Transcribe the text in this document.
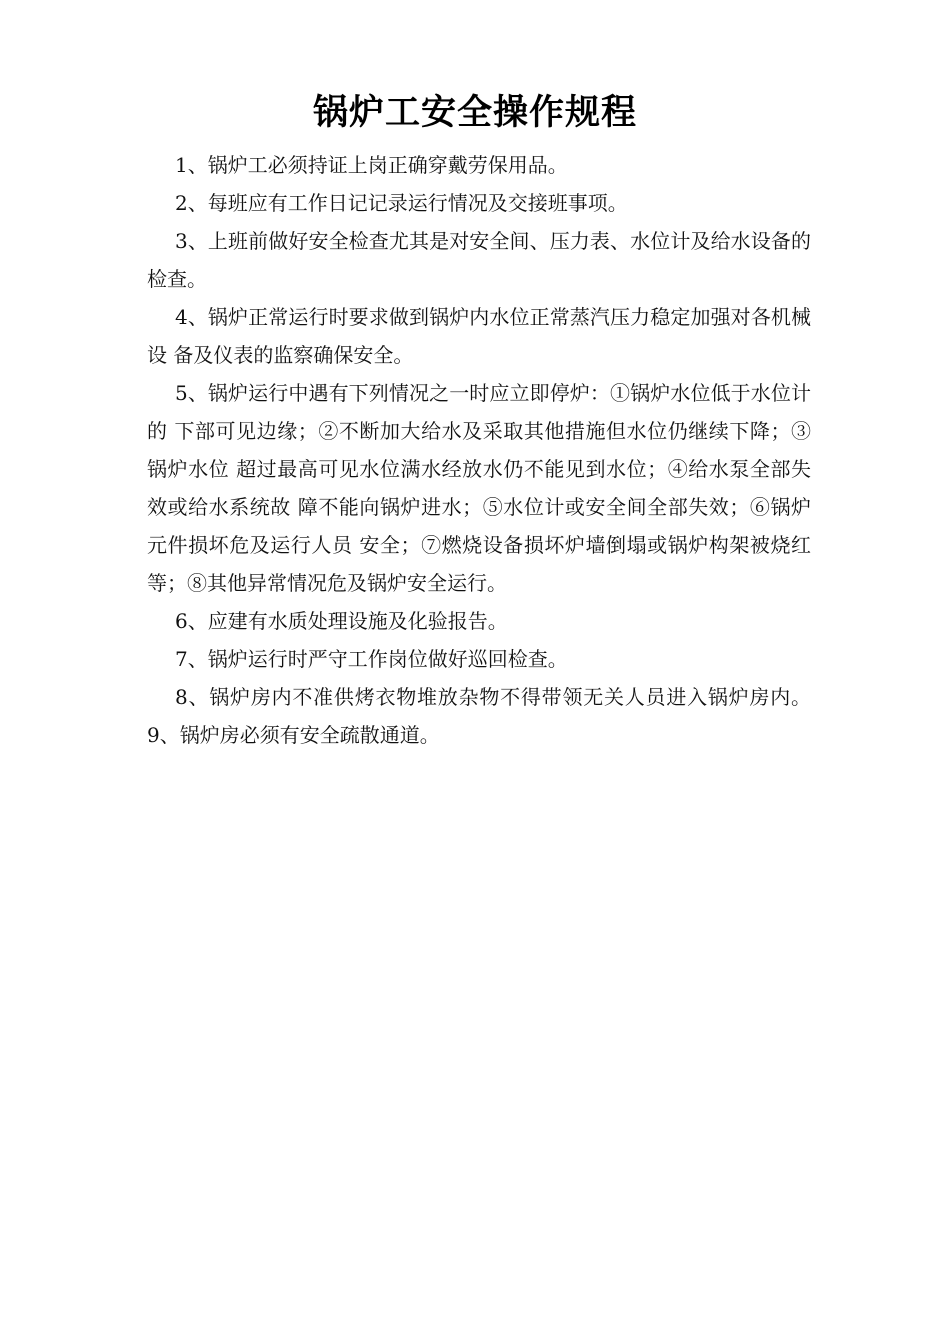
锅炉工安全操作规程

1、锅炉工必须持证上岗正确穿戴劳保用品。

2、每班应有工作日记记录运行情况及交接班事项。

3、上班前做好安全检查尤其是对安全间、压力表、水位计及给水设备的检查。

4、锅炉正常运行时要求做到锅炉内水位正常蒸汽压力稳定加强对各机械设 备及仪表的监察确保安全。

5、锅炉运行中遇有下列情况之一时应立即停炉：①锅炉水位低于水位计的 下部可见边缘；②不断加大给水及采取其他措施但水位仍继续下降；③锅炉水位 超过最高可见水位满水经放水仍不能见到水位；④给水泵全部失效或给水系统故 障不能向锅炉进水；⑤水位计或安全间全部失效；⑥锅炉元件损坏危及运行人员 安全；⑦燃烧设备损坏炉墙倒塌或锅炉构架被烧红等；⑧其他异常情况危及锅炉安全运行。

6、应建有水质处理设施及化验报告。

7、锅炉运行时严守工作岗位做好巡回检查。

8、锅炉房内不准供烤衣物堆放杂物不得带领无关人员进入锅炉房内。9、锅炉房必须有安全疏散通道。
